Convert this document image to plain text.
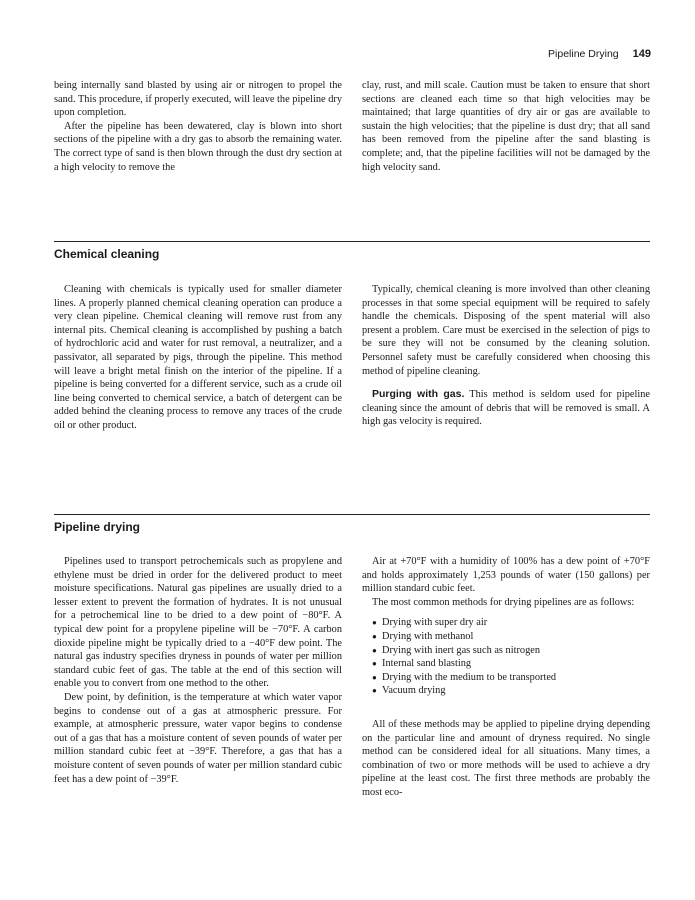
Pipeline Drying 149

being internally sand blasted by using air or nitrogen to propel the sand. This procedure, if properly executed, will leave the pipeline dry upon completion.

After the pipeline has been dewatered, clay is blown into short sections of the pipeline with a dry gas to absorb the remaining water. The correct type of sand is then blown through the dust dry section at a high velocity to remove the

clay, rust, and mill scale. Caution must be taken to ensure that short sections are cleaned each time so that high velocities may be maintained; that large quantities of dry air or gas are available to sustain the high velocities; that the pipeline is dust dry; that all sand has been removed from the pipeline after the sand blasting is complete; and, that the pipeline facilities will not be damaged by the high velocity sand.

Chemical cleaning

Cleaning with chemicals is typically used for smaller diameter lines. A properly planned chemical cleaning operation can produce a very clean pipeline. Chemical cleaning will remove rust from any internal pits. Chemical cleaning is accomplished by pushing a batch of hydrochloric acid and water for rust removal, a neutralizer, and a passivator, all separated by pigs, through the pipeline. This method will leave a bright metal finish on the interior of the pipeline. If a pipeline is being converted for a different service, such as a crude oil line being converted to chemical service, a batch of detergent can be added behind the cleaning process to remove any traces of the crude oil or other product.

Typically, chemical cleaning is more involved than other cleaning processes in that some special equipment will be required to safely handle the chemicals. Disposing of the spent material will also present a problem. Care must be exercised in the selection of pigs to be sure they will not be consumed by the cleaning solution. Personnel safety must be carefully considered when choosing this method of pipeline cleaning.

Purging with gas. This method is seldom used for pipeline cleaning since the amount of debris that will be removed is small. A high gas velocity is required.

Pipeline drying

Pipelines used to transport petrochemicals such as propylene and ethylene must be dried in order for the delivered product to meet moisture specifications. Natural gas pipelines are usually dried to a lesser extent to prevent the formation of hydrates. It is not unusual for a petrochemical line to be dried to a dew point of −80°F. A typical dew point for a propylene pipeline will be −70°F. A carbon dioxide pipeline might be typically dried to a −40°F dew point. The natural gas industry specifies dryness in pounds of water per million standard cubic feet of gas. The table at the end of this section will enable you to convert from one method to the other.

Dew point, by definition, is the temperature at which water vapor begins to condense out of a gas at atmospheric pressure. For example, at atmospheric pressure, water vapor begins to condense out of a gas that has a moisture content of seven pounds of water per million standard cubic feet at −39°F. Therefore, a gas that has a moisture content of seven pounds of water per million standard cubic feet has a dew point of −39°F.

Air at +70°F with a humidity of 100% has a dew point of +70°F and holds approximately 1,253 pounds of water (150 gallons) per million standard cubic feet.

The most common methods for drying pipelines are as follows:

● Drying with super dry air
● Drying with methanol
● Drying with inert gas such as nitrogen
● Internal sand blasting
● Drying with the medium to be transported
● Vacuum drying

All of these methods may be applied to pipeline drying depending on the particular line and amount of dryness required. No single method can be considered ideal for all situations. Many times, a combination of two or more methods will be used to achieve a dry pipeline at the least cost. The first three methods are probably the most eco-
